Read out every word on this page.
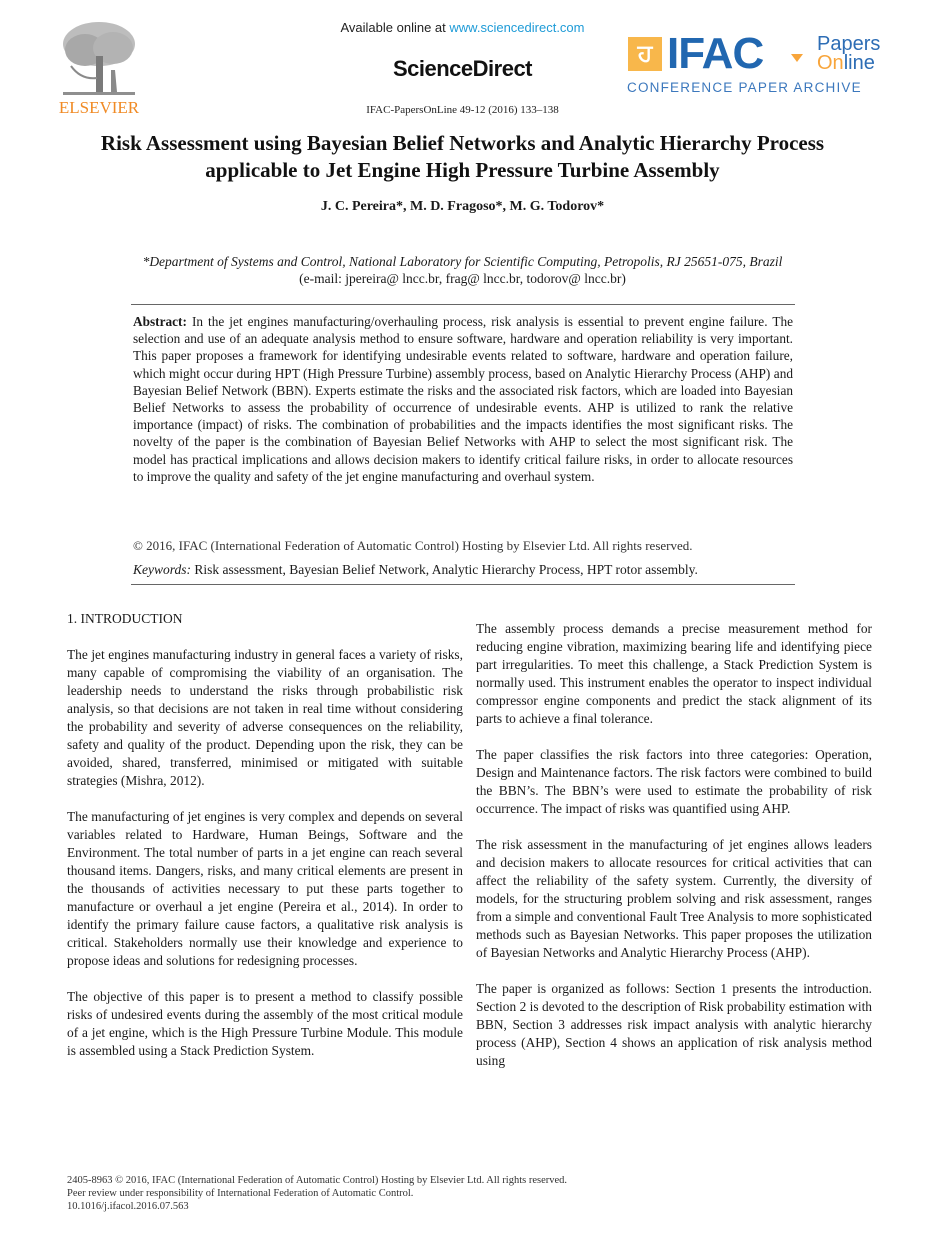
ELSEVIER
Available online at www.sciencedirect.com
ScienceDirect
IFAC-PapersOnLine 49-12 (2016) 133–138
ਹ IFAC	Papers
Online
CONFERENCE PAPER ARCHIVE
Risk Assessment using Bayesian Belief Networks and Analytic Hierarchy Process
applicable to Jet Engine High Pressure Turbine Assembly
J. C. Pereira*, M. D. Fragoso*, M. G. Todorov*
*Department of Systems and Control, National Laboratory for Scientific Computing, Petropolis, RJ 25651-075, Brazil
(e-mail: jpereira@ lncc.br, frag@ lncc.br, todorov@ lncc.br)
Abstract: In the jet engines manufacturing/overhauling process, risk analysis is essential to prevent engine failure. The selection and use of an adequate analysis method to ensure software, hardware and operation reliability is very important. This paper proposes a framework for identifying undesirable events related to software, hardware and operation failure, which might occur during HPT (High Pressure Turbine) assembly process, based on Analytic Hierarchy Process (AHP) and Bayesian Belief Network (BBN). Experts estimate the risks and the associated risk factors, which are loaded into Bayesian Belief Networks to assess the probability of occurrence of undesirable events. AHP is utilized to rank the relative importance (impact) of risks. The combination of probabilities and the impacts identifies the most significant risks. The novelty of the paper is the combination of Bayesian Belief Networks with AHP to select the most significant risk. The model has practical implications and allows decision makers to identify critical failure risks, in order to allocate resources to improve the quality and safety of the jet engine manufacturing and overhaul system.
© 2016, IFAC (International Federation of Automatic Control) Hosting by Elsevier Ltd. All rights reserved.
Keywords: Risk assessment, Bayesian Belief Network, Analytic Hierarchy Process, HPT rotor assembly.
1. INTRODUCTION

The jet engines manufacturing industry in general faces a variety of risks, many capable of compromising the viability of an organisation. The leadership needs to understand the risks through probabilistic risk analysis, so that decisions are not taken in real time without considering the probability and severity of adverse consequences on the reliability, safety and quality of the product. Depending upon the risk, they can be avoided, shared, transferred, minimised or mitigated with suitable strategies (Mishra, 2012).

The manufacturing of jet engines is very complex and depends on several variables related to Hardware, Human Beings, Software and the Environment. The total number of parts in a jet engine can reach several thousand items. Dangers, risks, and many critical elements are present in the thousands of activities necessary to put these parts together to manufacture or overhaul a jet engine (Pereira et al., 2014). In order to identify the primary failure cause factors, a qualitative risk analysis is critical. Stakeholders normally use their knowledge and experience to propose ideas and solutions for redesigning processes.

The objective of this paper is to present a method to classify possible risks of undesired events during the assembly of the most critical module of a jet engine, which is the High Pressure Turbine Module. This module is assembled using a Stack Prediction System.

The assembly process demands a precise measurement method for reducing engine vibration, maximizing bearing life and identifying piece part irregularities. To meet this challenge, a Stack Prediction System is normally used. This instrument enables the operator to inspect individual compressor engine components and predict the stack alignment of its parts to achieve a final tolerance.

The paper classifies the risk factors into three categories: Operation, Design and Maintenance factors. The risk factors were combined to build the BBN’s. The BBN’s were used to estimate the probability of risk occurrence. The impact of risks was quantified using AHP.

The risk assessment in the manufacturing of jet engines allows leaders and decision makers to allocate resources for critical activities that can affect the reliability of the safety system. Currently, the diversity of models, for the structuring problem solving and risk assessment, ranges from a simple and conventional Fault Tree Analysis to more sophisticated methods such as Bayesian Networks. This paper proposes the utilization of Bayesian Networks and Analytic Hierarchy Process (AHP).

The paper is organized as follows: Section 1 presents the introduction. Section 2 is devoted to the description of Risk probability estimation with BBN, Section 3 addresses risk impact analysis with analytic hierarchy process (AHP), Section 4 shows an application of risk analysis method using

2405-8963 © 2016, IFAC (International Federation of Automatic Control) Hosting by Elsevier Ltd. All rights reserved.
Peer review under responsibility of International Federation of Automatic Control.
10.1016/j.ifacol.2016.07.563
